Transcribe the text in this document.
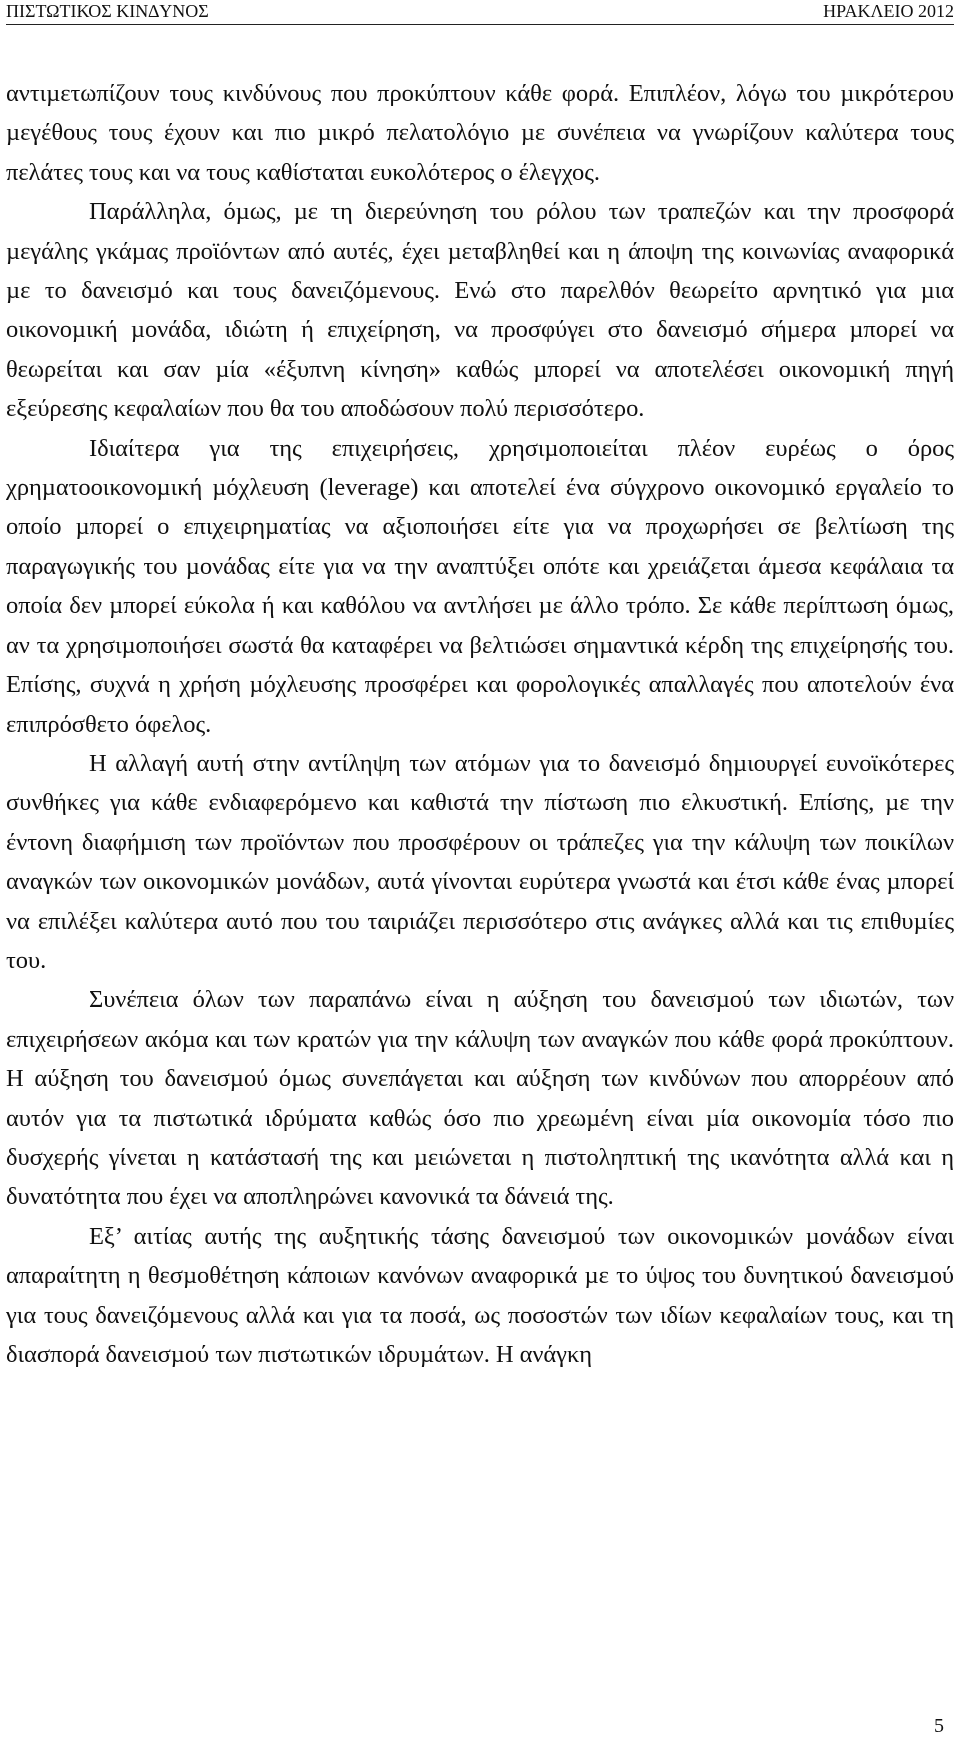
ΠΙΣΤΩΤΙΚΟΣ ΚΙΝ∆ΥΝΟΣ	ΗΡΑΚΛΕΙΟ 2012

αντιµετωπίζουν τους κινδύνους που προκύπτουν κάθε φορά. Επιπλέον, λόγω του µικρότερου µεγέθους τους έχουν και πιο µικρό πελατολόγιο µε συνέπεια να γνωρίζουν καλύτερα τους πελάτες τους και να τους καθίσταται ευκολότερος ο έλεγχος.

Παράλληλα, όµως, µε τη διερεύνηση του ρόλου των τραπεζών και την προσφορά µεγάλης γκάµας προϊόντων από αυτές, έχει µεταβληθεί και η άποψη της κοινωνίας αναφορικά µε το δανεισµό και τους δανειζόµενους. Ενώ στο παρελθόν θεωρείτο αρνητικό για µια οικονοµική µονάδα, ιδιώτη ή επιχείρηση, να προσφύγει στο δανεισµό σήµερα µπορεί να θεωρείται και σαν µία «έξυπνη κίνηση» καθώς µπορεί να αποτελέσει οικονοµική πηγή εξεύρεσης κεφαλαίων που θα του αποδώσουν πολύ περισσότερο.

Ιδιαίτερα για της επιχειρήσεις, χρησιµοποιείται πλέον ευρέως ο όρος χρηµατοοικονοµική µόχλευση (leverage) και αποτελεί ένα σύγχρονο οικονοµικό εργαλείο το οποίο µπορεί ο επιχειρηµατίας να αξιοποιήσει είτε για να προχωρήσει σε βελτίωση της παραγωγικής του µονάδας είτε για να την αναπτύξει οπότε και χρειάζεται άµεσα κεφάλαια τα οποία δεν µπορεί εύκολα ή και καθόλου να αντλήσει µε άλλο τρόπο. Σε κάθε περίπτωση όµως, αν τα χρησιµοποιήσει σωστά θα καταφέρει να βελτιώσει σηµαντικά κέρδη της επιχείρησής του. Επίσης, συχνά η χρήση µόχλευσης προσφέρει και φορολογικές απαλλαγές που αποτελούν ένα επιπρόσθετο όφελος.

Η αλλαγή αυτή στην αντίληψη των ατόµων για το δανεισµό δηµιουργεί ευνοϊκότερες συνθήκες για κάθε ενδιαφερόµενο και καθιστά την πίστωση πιο ελκυστική. Επίσης, µε την έντονη διαφήµιση των προϊόντων που προσφέρουν οι τράπεζες για την κάλυψη των ποικίλων αναγκών των οικονοµικών µονάδων, αυτά γίνονται ευρύτερα γνωστά και έτσι κάθε ένας µπορεί να επιλέξει καλύτερα αυτό που του ταιριάζει περισσότερο στις ανάγκες αλλά και τις επιθυµίες του.

Συνέπεια όλων των παραπάνω είναι η αύξηση του δανεισµού των ιδιωτών, των επιχειρήσεων ακόµα και των κρατών για την κάλυψη των αναγκών που κάθε φορά προκύπτουν. Η αύξηση του δανεισµού όµως συνεπάγεται και αύξηση των κινδύνων που απορρέουν από αυτόν για τα πιστωτικά ιδρύµατα καθώς όσο πιο χρεωµένη είναι µία οικονοµία τόσο πιο δυσχερής γίνεται η κατάστασή της και µειώνεται η πιστοληπτική της ικανότητα αλλά και η δυνατότητα που έχει να αποπληρώνει κανονικά τα δάνειά της.

Εξ’ αιτίας αυτής της αυξητικής τάσης δανεισµού των οικονοµικών µονάδων είναι απαραίτητη η θεσµοθέτηση κάποιων κανόνων αναφορικά µε το ύψος του δυνητικού δανεισµού για τους δανειζόµενους αλλά και για τα ποσά, ως ποσοστών των ιδίων κεφαλαίων τους, και τη διασπορά δανεισµού των πιστωτικών ιδρυµάτων. Η ανάγκη

5
